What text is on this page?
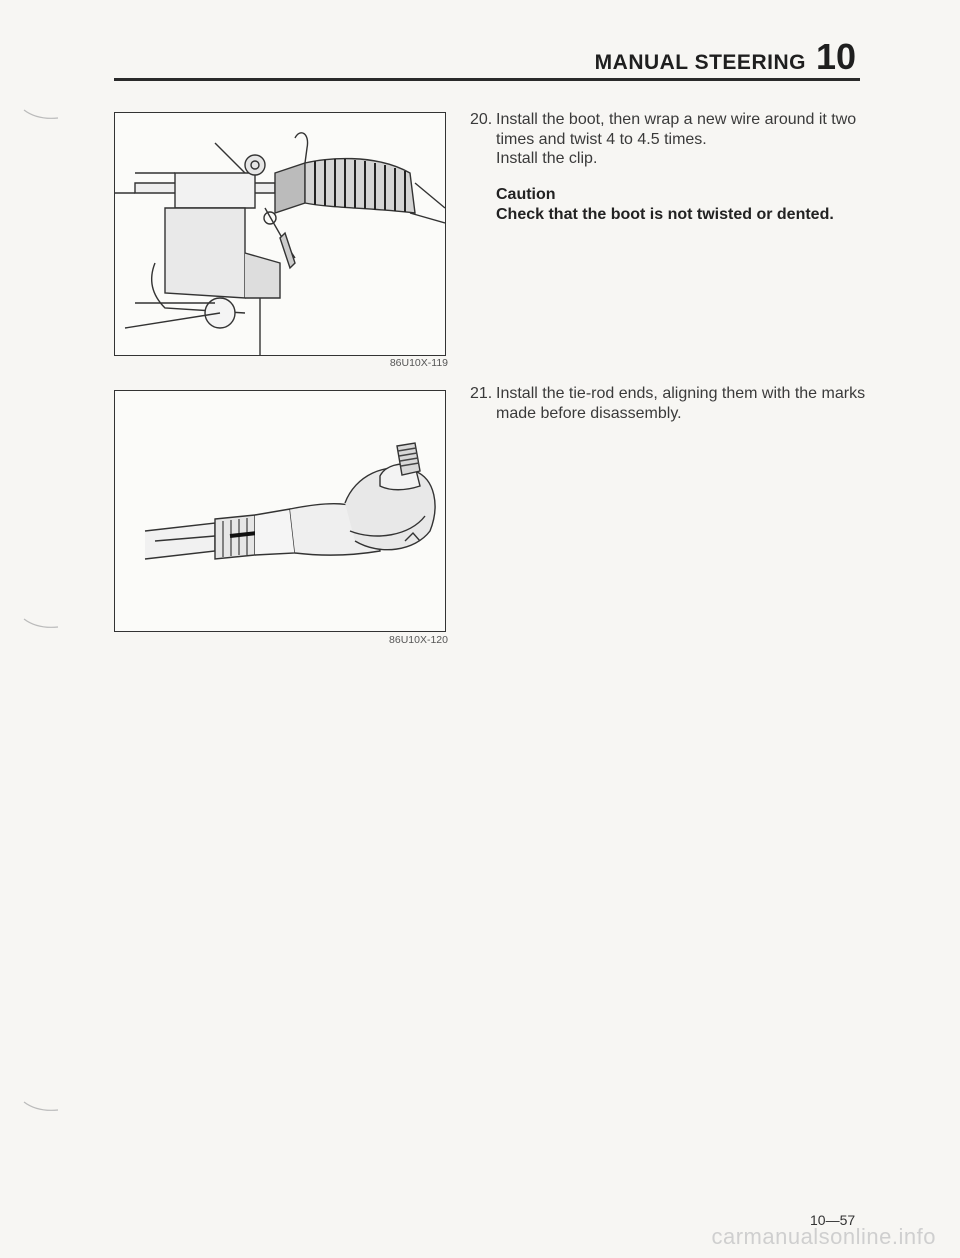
MANUAL STEERING 10
86U10X-119
86U10X-120
20. Install the boot, then wrap a new wire around it two
times and twist 4 to 4.5 times.
Install the clip.
Caution
Check that the boot is not twisted or dented.
21. Install the tie-rod ends, aligning them with the marks
made before disassembly.
10—57
carmanualsonline.info
